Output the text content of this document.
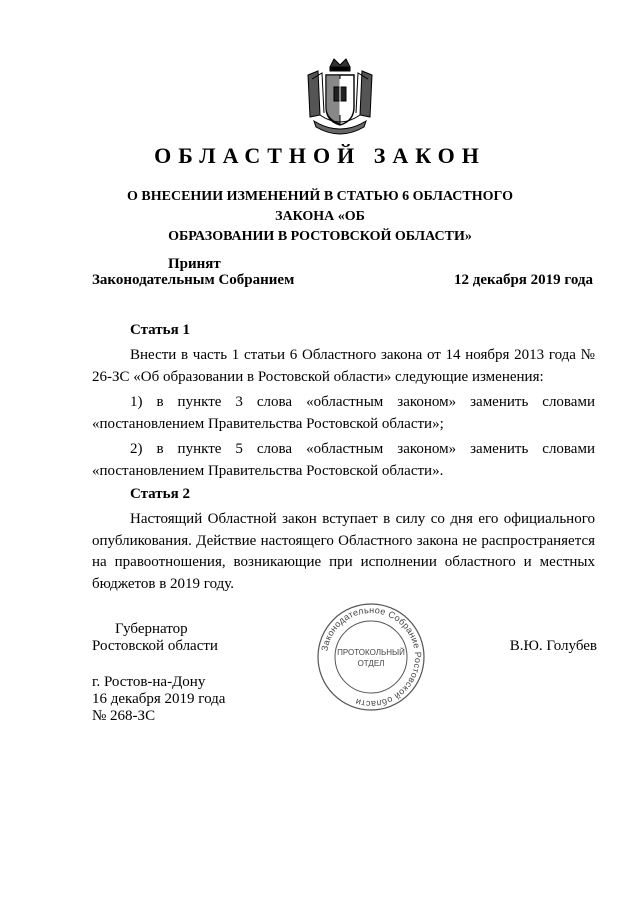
ОБЛАСТНОЙ ЗАКОН
О ВНЕСЕНИИ ИЗМЕНЕНИЙ В СТАТЬЮ 6 ОБЛАСТНОГО ЗАКОНА «ОБ
ОБРАЗОВАНИИ В РОСТОВСКОЙ ОБЛАСТИ»
Принят
Законодательным Собранием	12 декабря 2019 года
Статья 1

Внести в часть 1 статьи 6 Областного закона от 14 ноября 2013 года № 26-ЗС «Об образовании в Ростовской области» следующие изменения:

1) в пункте 3 слова «областным законом» заменить словами «постановлением Правительства Ростовской области»;

2) в пункте 5 слова «областным законом» заменить словами «постановлением Правительства Ростовской области».

Статья 2

Настоящий Областной закон вступает в силу со дня его официального опубликования. Действие настоящего Областного закона не распространяется на правоотношения, возникающие при исполнении областного и местных бюджетов в 2019 году.

Губернатор
Ростовской области	В.Ю. Голубев
г. Ростов-на-Дону
16 декабря 2019 года
№ 268-ЗС
Законодательное Собрание Ростовской области
ПРОТОКОЛЬНЫЙ
ОТДЕЛ
